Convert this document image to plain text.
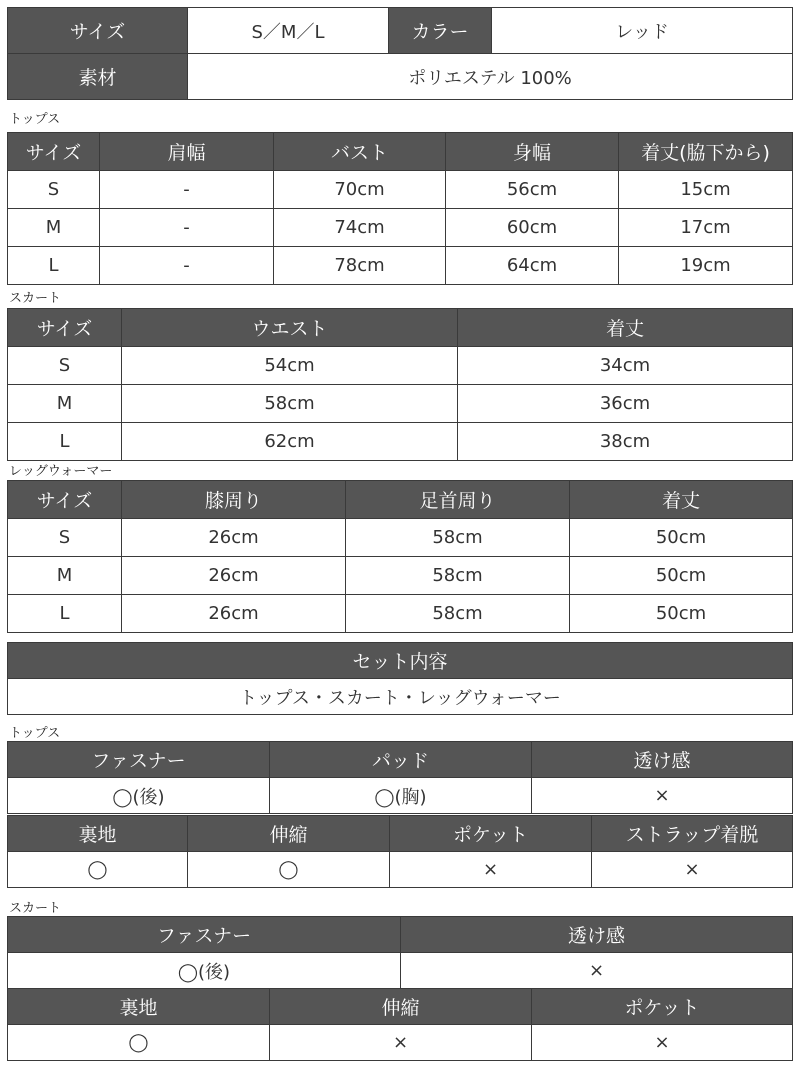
サイズ	S／M／L	カラー	レッド
素材	ポリエステル 100%		
トップス
サイズ	肩幅	バスト	身幅	着丈(脇下から)
S	-	70cm	56cm	15cm
M	-	74cm	60cm	17cm
L	-	78cm	64cm	19cm
スカート
サイズ	ウエスト	着丈
S	54cm	34cm
M	58cm	36cm
L	62cm	38cm
レッグウォーマー
サイズ	膝周り	足首周り	着丈
S	26cm	58cm	50cm
M	26cm	58cm	50cm
L	26cm	58cm	50cm
セット内容
トップス・スカート・レッグウォーマー
トップス
ファスナー	パッド	透け感
◯(後)	◯(胸)	×
裏地	伸縮	ポケット	ストラップ着脱
◯	◯	×	×
スカート
ファスナー	透け感
◯(後)	×
裏地	伸縮	ポケット
◯	×	×
